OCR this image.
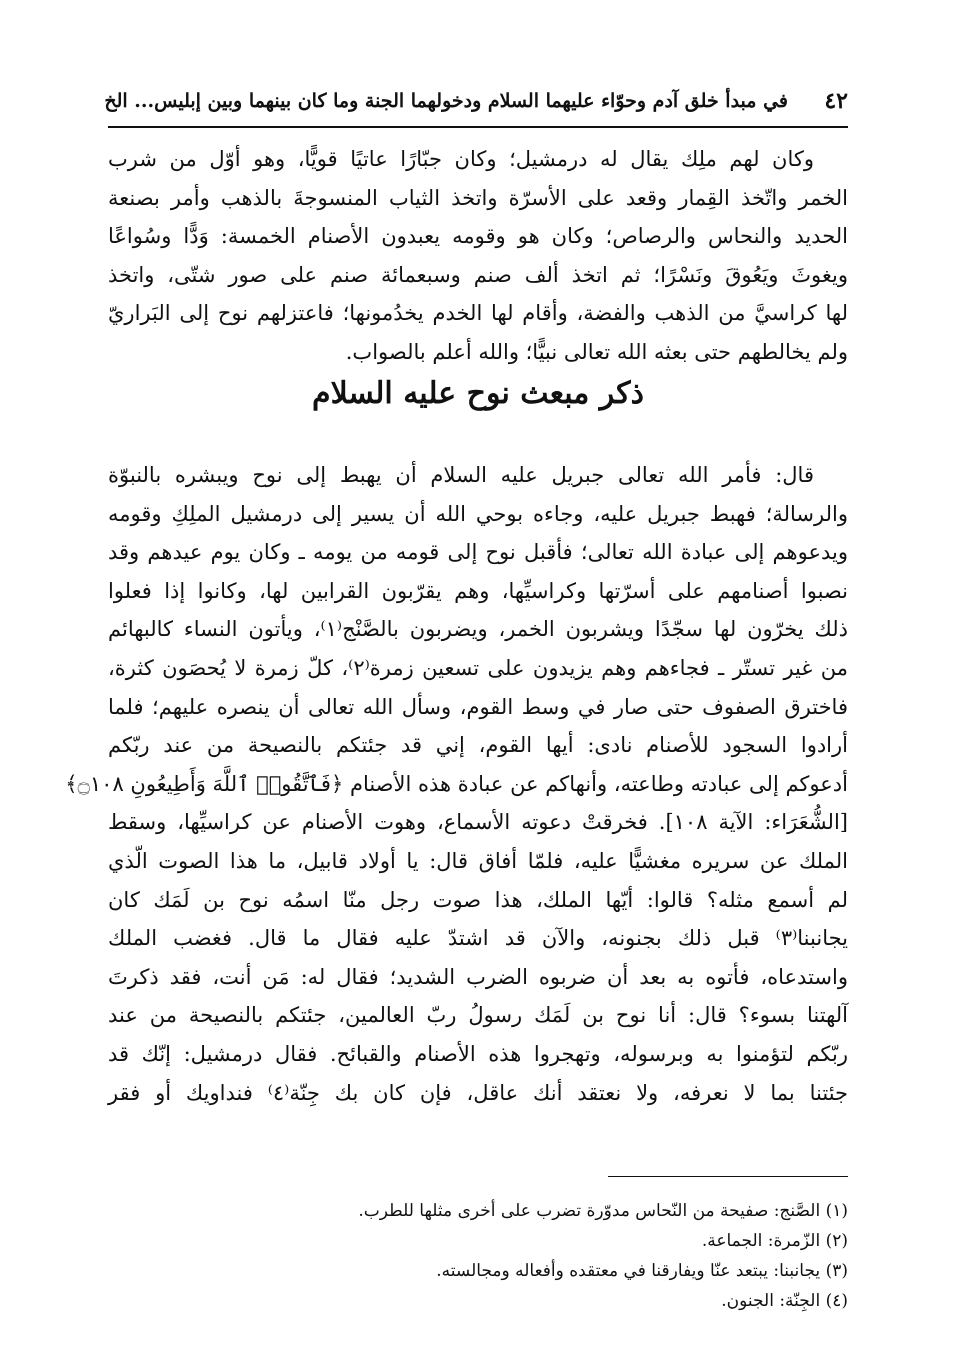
٤٢
في مبدأ خلق آدم وحوّاء عليهما السلام ودخولهما الجنة وما كان بينهما وبين إبليس... الخ
وكان لهم ملِك يقال له درمشيل؛ وكان جبّارًا عاتيًا قويًّا، وهو أوّل من شرب
الخمر واتّخذ القِمار وقعد على الأسرّة واتخذ الثياب المنسوجةَ بالذهب وأمر بصنعة
الحديد والنحاس والرصاص؛ وكان هو وقومه يعبدون الأصنام الخمسة: وَدًّا وسُواعًا
ويغوثَ ويَعُوقَ ونَسْرًا؛ ثم اتخذ ألف صنم وسبعمائة صنم على صور شتّى، واتخذ
لها كراسيَّ من الذهب والفضة، وأقام لها الخدم يخدُمونها؛ فاعتزلهم نوح إلى البَراريّ
ولم يخالطهم حتى بعثه الله تعالى نبيًّا؛ والله أعلم بالصواب.
ذكر مبعث نوح عليه السلام
قال: فأمر الله تعالى جبريل عليه السلام أن يهبط إلى نوح ويبشره بالنبوّة
والرسالة؛ فهبط جبريل عليه، وجاءه بوحي الله أن يسير إلى درمشيل الملِكِ وقومه
ويدعوهم إلى عبادة الله تعالى؛ فأقبل نوح إلى قومه من يومه ـ وكان يوم عيدهم وقد
نصبوا أصنامهم على أسرّتها وكراسيِّها، وهم يقرّبون القرابين لها، وكانوا إذا فعلوا
ذلك يخرّون لها سجّدًا ويشربون الخمر، ويضربون بالصَّنْج⁽١⁾، ويأتون النساء كالبهائم
من غير تستّر ـ فجاءهم وهم يزيدون على تسعين زمرة⁽٢⁾، كلّ زمرة لا يُحصَون كثرة،
فاخترق الصفوف حتى صار في وسط القوم، وسأل الله تعالى أن ينصره عليهم؛ فلما
أرادوا السجود للأصنام نادى: أيها القوم، إني قد جئتكم بالنصيحة من عند ربّكم
أدعوكم إلى عبادته وطاعته، وأنهاكم عن عبادة هذه الأصنام ﴿فَٱتَّقُوا۟ ٱللَّهَ وَأَطِيعُونِ ۝١٠٨﴾
[الشُّعَرَاء: الآية ١٠٨]. فخرقتْ دعوته الأسماع، وهوت الأصنام عن كراسيِّها، وسقط
الملك عن سريره مغشيًّا عليه، فلمّا أفاق قال: يا أولاد قابيل، ما هذا الصوت الّذي
لم أسمع مثله؟ قالوا: أيّها الملك، هذا صوت رجل منّا اسمُه نوح بن لَمَك كان
يجانبنا⁽٣⁾ قبل ذلك بجنونه، والآن قد اشتدّ عليه فقال ما قال. فغضب الملك
واستدعاه، فأتوه به بعد أن ضربوه الضرب الشديد؛ فقال له: مَن أنت، فقد ذكرتَ
آلهتنا بسوء؟ قال: أنا نوح بن لَمَك رسولُ ربّ العالمين، جئتكم بالنصيحة من عند
ربّكم لتؤمنوا به وبرسوله، وتهجروا هذه الأصنام والقبائح. فقال درمشيل: إنّك قد
جئتنا بما لا نعرفه، ولا نعتقد أنك عاقل، فإن كان بك جِنّة⁽٤⁾ فنداويك أو فقر
(١) الصَّنج: صفيحة من النّحاس مدوّرة تضرب على أخرى مثلها للطرب.
(٢) الزّمرة: الجماعة.
(٣) يجانبنا: يبتعد عنّا ويفارقنا في معتقده وأفعاله ومجالسته.
(٤) الجِنّة: الجنون.
